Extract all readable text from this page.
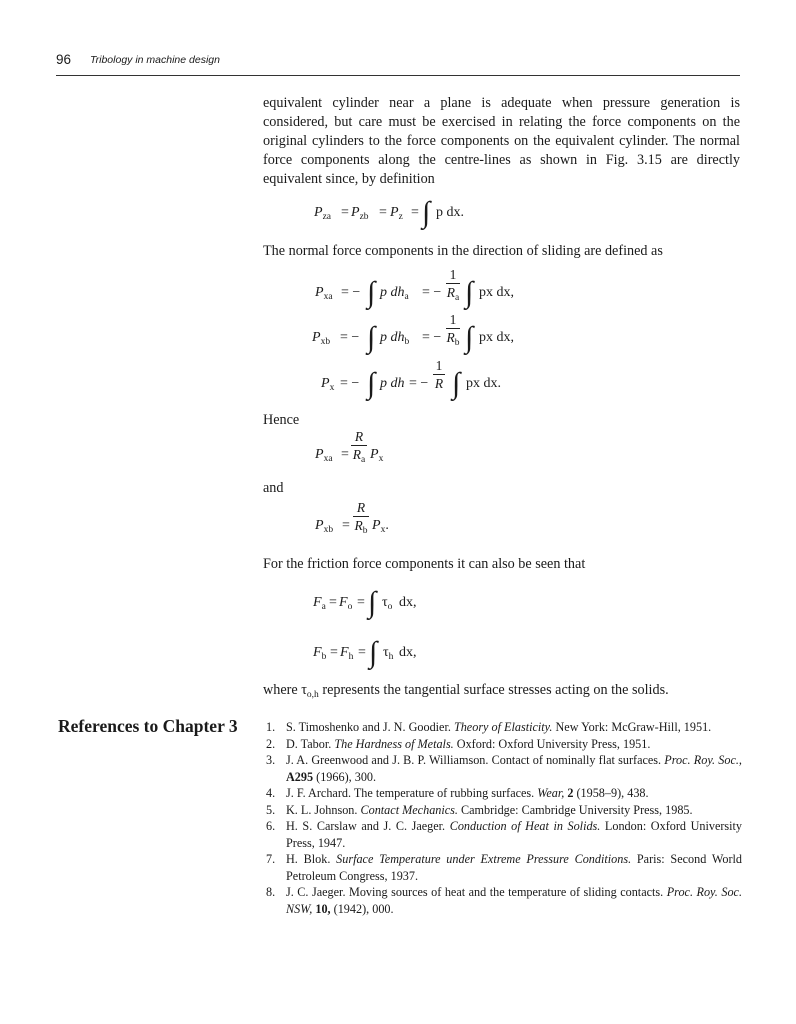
96 Tribology in machine design

equivalent cylinder near a plane is adequate when pressure generation is considered, but care must be exercised in relating the force components on the original cylinders to the force components on the equivalent cylinder. The normal force components along the centre-lines as shown in Fig. 3.15 are directly equivalent since, by definition

$P_{za} = P_{zb} = P_z$ = ∫ p dx.
The normal force components in the direction of sliding are defined as
$P_{xa}$ = − ∫ p $dh_a$ = −
1
$R_a$ ∫ px dx,
$P_{xb}$ = − ∫ p $dh_b$ = −
1
$R_b$ ∫ px dx,
$P_x$ = − ∫ p dh = −
1
R ∫ px dx.
Hence
$P_{xa}$ =
R
$R_a$ $P_x$
and
$P_{xb}$ =
R
$R_b$ $P_x$.
For the friction force components it can also be seen that
$F_a = F_o$ = ∫ $\tau_o$ dx,
$F_b = F_h$ = ∫ $\tau_h$ dx,
where $\tau_{o,h}$ represents the tangential surface stresses acting on the solids.
References to Chapter 3 1. S. Timoshenko and J. N. Goodier. Theory of Elasticity. New York: McGraw-Hill, 1951.
2. D. Tabor. The Hardness of Metals. Oxford: Oxford University Press, 1951.
3. J. A. Greenwood and J. B. P. Williamson. Contact of nominally flat surfaces. Proc. Roy. Soc., A295 (1966), 300.
4. J. F. Archard. The temperature of rubbing surfaces. Wear, 2 (1958–9), 438.
5. K. L. Johnson. Contact Mechanics. Cambridge: Cambridge University Press, 1985.
6. H. S. Carslaw and J. C. Jaeger. Conduction of Heat in Solids. London: Oxford University Press, 1947.
7. H. Blok. Surface Temperature under Extreme Pressure Conditions. Paris: Second World Petroleum Congress, 1937.
8. J. C. Jaeger. Moving sources of heat and the temperature of sliding contacts. Proc. Roy. Soc. NSW, 10, (1942), 000.
